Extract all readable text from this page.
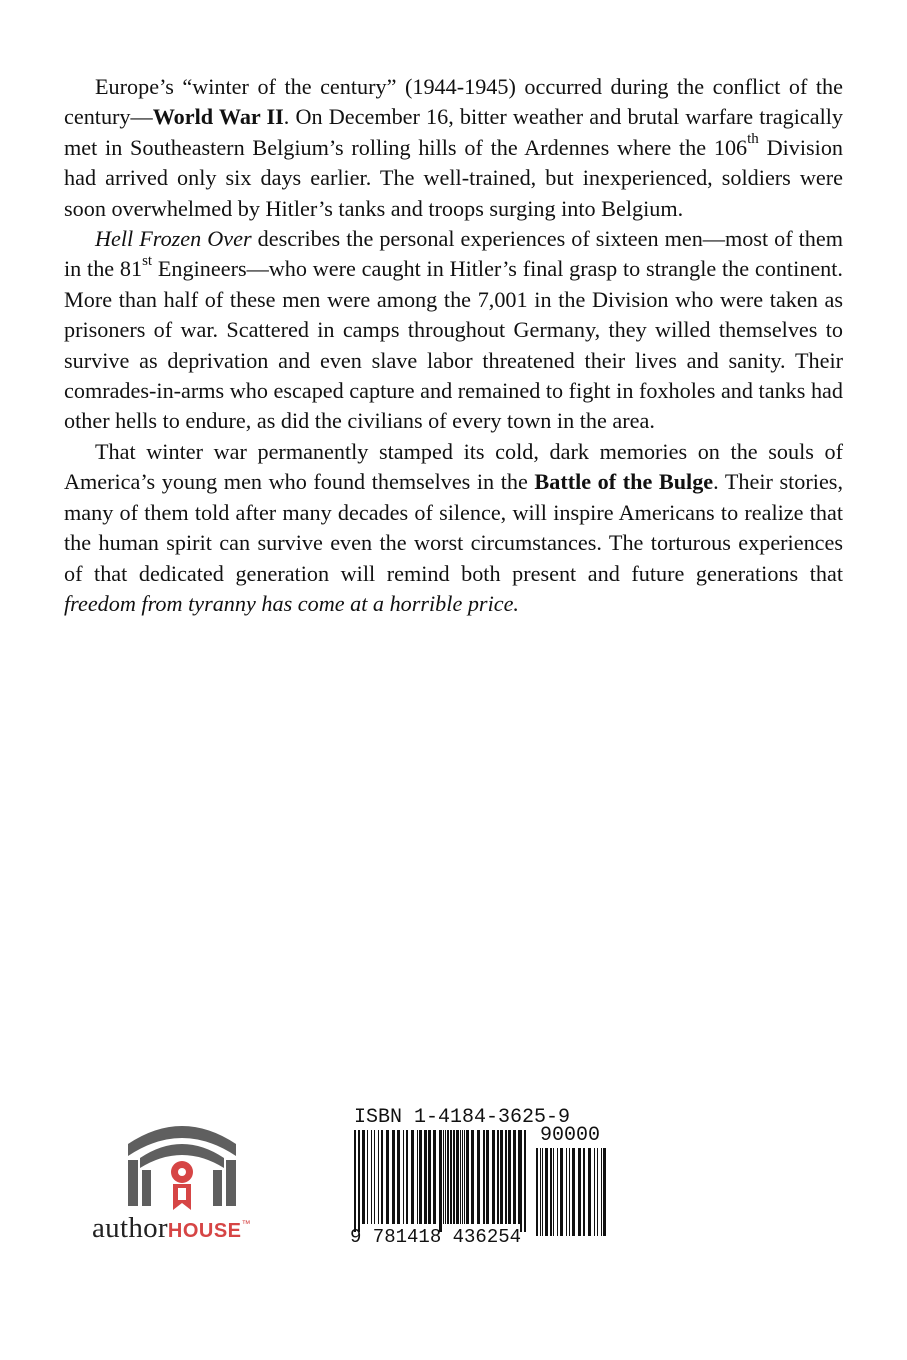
Europe’s “winter of the century” (1944-1945) occurred during the conflict of the century—World War II. On December 16, bitter weather and brutal warfare tragically met in Southeastern Belgium’s rolling hills of the Ardennes where the 106th Division had arrived only six days earlier. The well-trained, but inexperienced, soldiers were soon overwhelmed by Hitler’s tanks and troops surging into Belgium.

Hell Frozen Over describes the personal experiences of sixteen men—most of them in the 81st Engineers—who were caught in Hitler’s final grasp to strangle the continent. More than half of these men were among the 7,001 in the Division who were taken as prisoners of war. Scattered in camps throughout Germany, they willed themselves to survive as deprivation and even slave labor threatened their lives and sanity. Their comrades-in-arms who escaped capture and remained to fight in foxholes and tanks had other hells to endure, as did the civilians of every town in the area.

That winter war permanently stamped its cold, dark memories on the souls of America’s young men who found themselves in the Battle of the Bulge. Their stories, many of them told after many decades of silence, will inspire Americans to realize that the human spirit can survive even the worst circumstances. The torturous experiences of that dedicated generation will remind both present and future generations that freedom from tyranny has come at a horrible price.

authorHOUSE™
ISBN 1-4184-3625-9
90000
9 781418 436254
